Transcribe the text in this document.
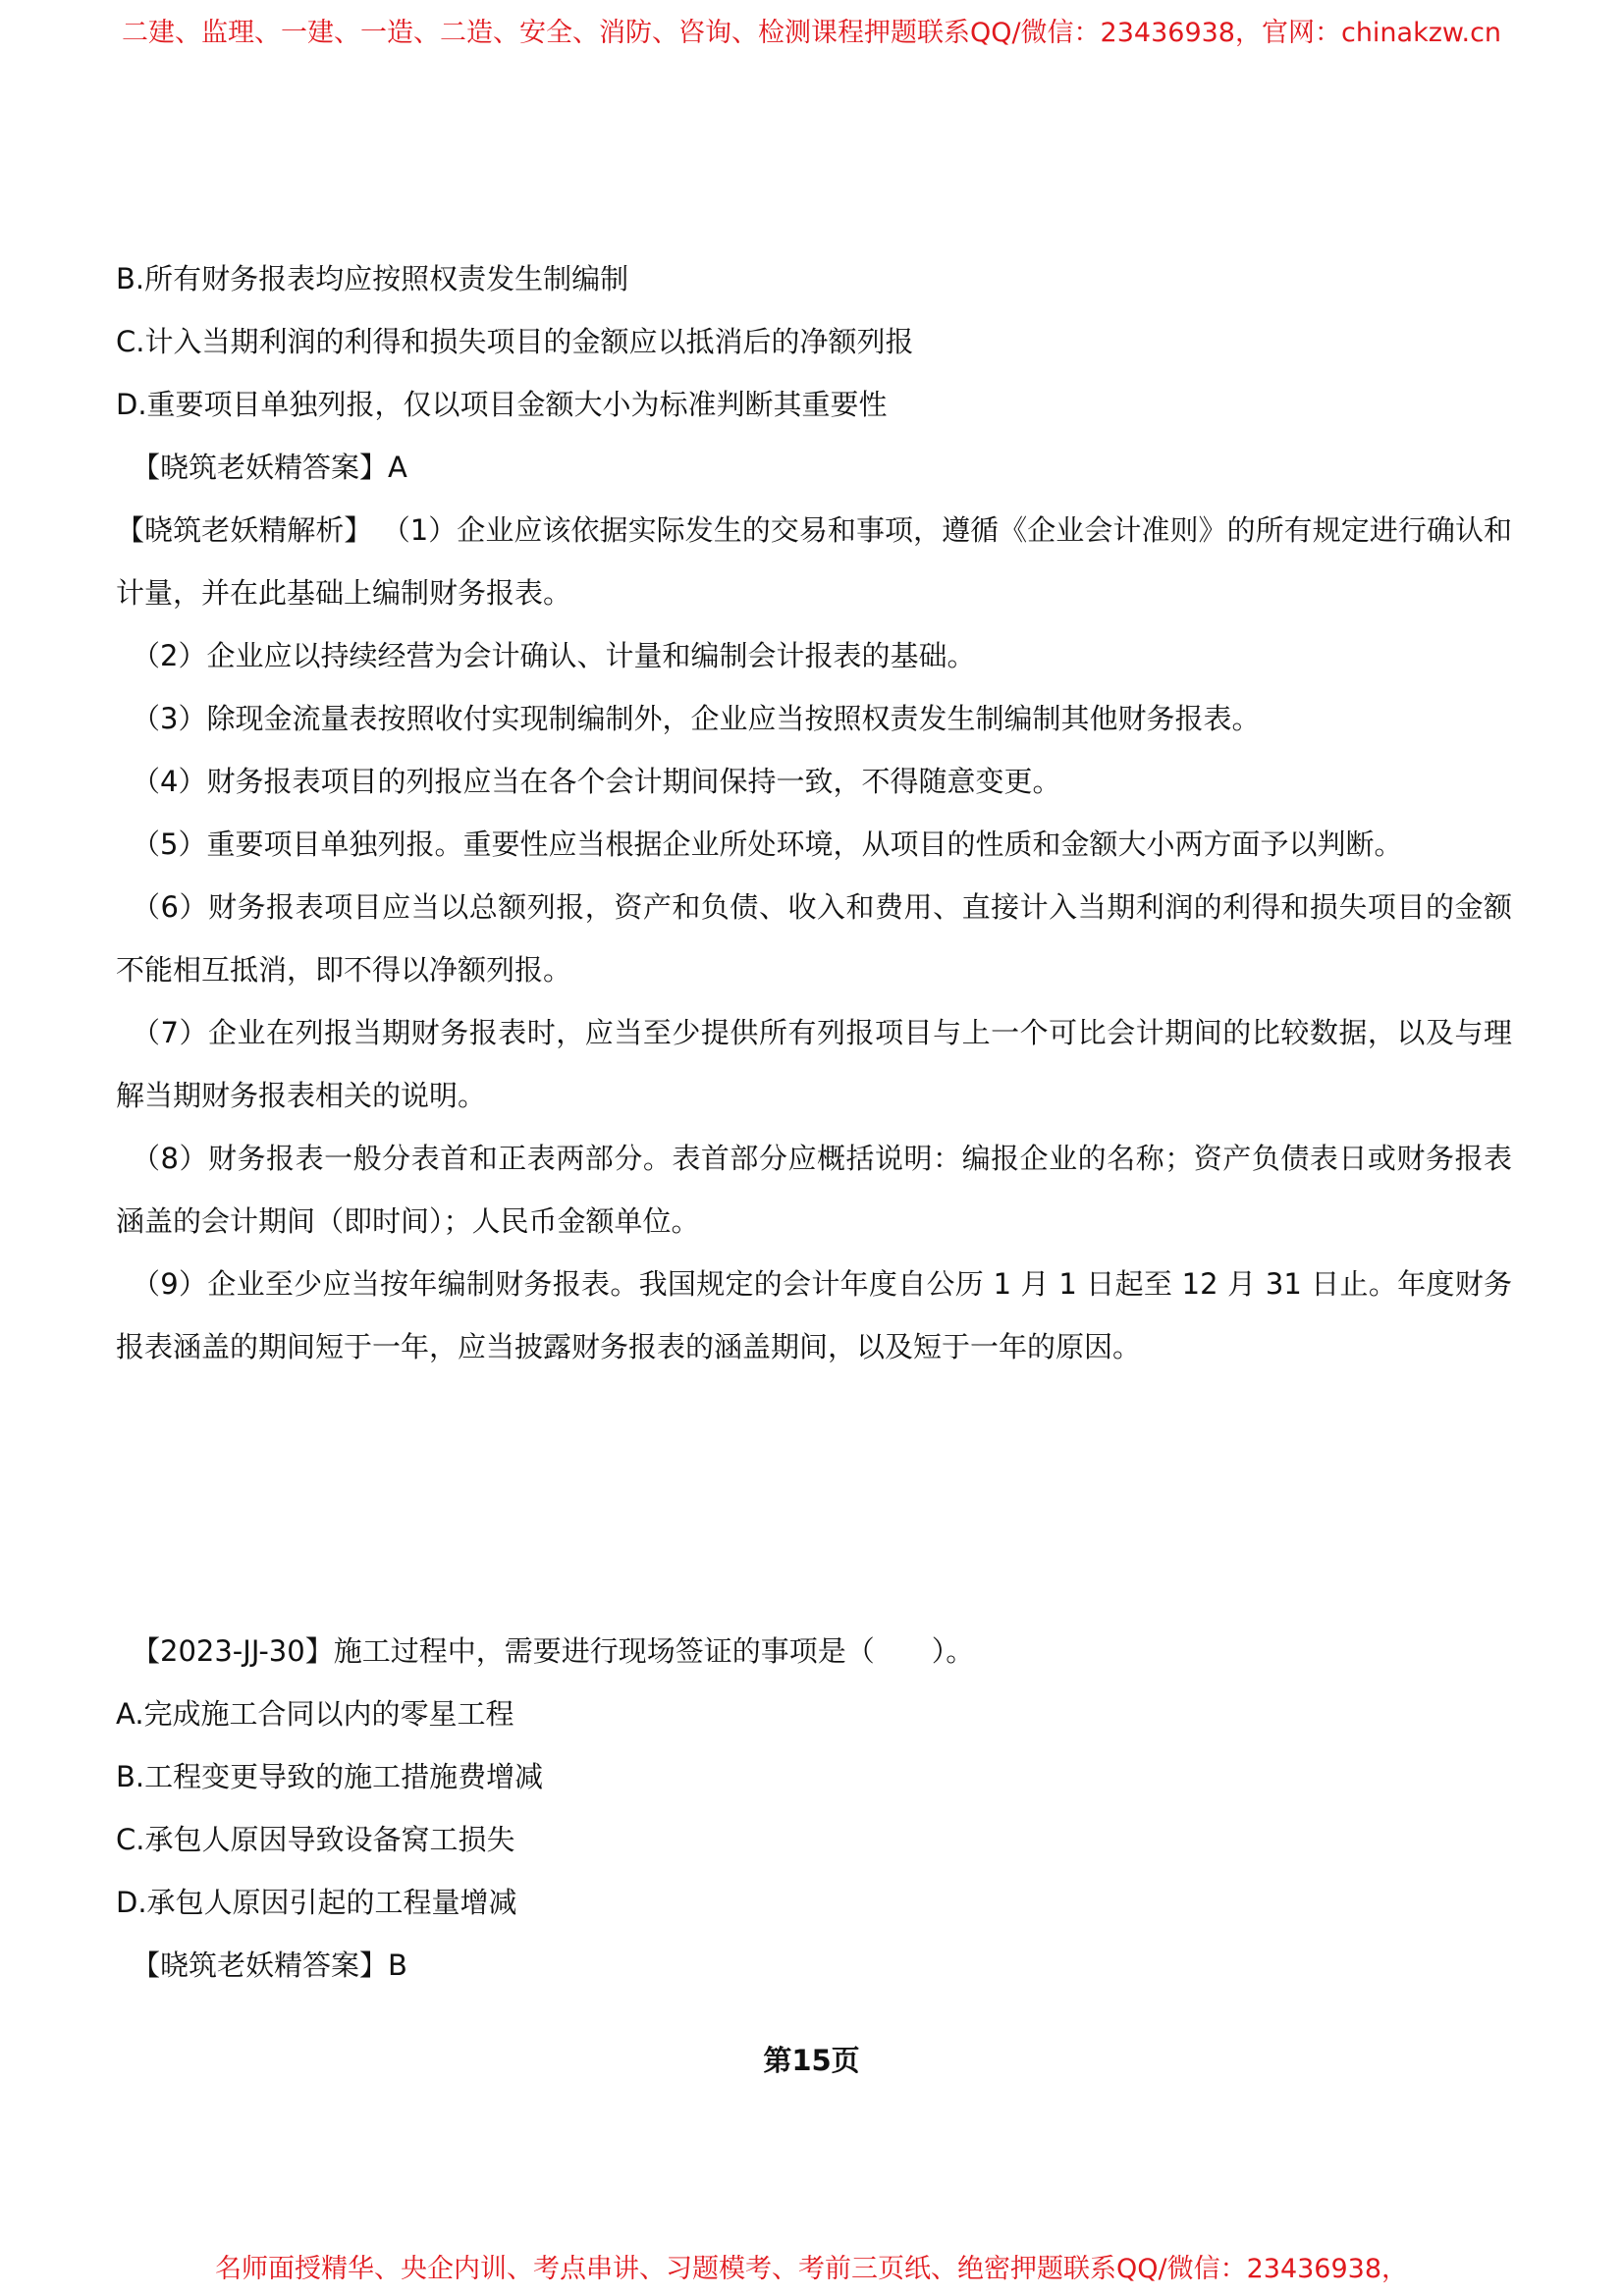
二建、监理、一建、一造、二造、安全、消防、咨询、检测课程押题联系QQ/微信：23436938，官网：chinakzw.cn

B.所有财务报表均应按照权责发生制编制

C.计入当期利润的利得和损失项目的金额应以抵消后的净额列报

D.重要项目单独列报，仅以项目金额大小为标准判断其重要性

【晓筑老妖精答案】A

【晓筑老妖精解析】 （1）企业应该依据实际发生的交易和事项，遵循《企业会计准则》的所有规定进行确认和计量，并在此基础上编制财务报表。

（2）企业应以持续经营为会计确认、计量和编制会计报表的基础。

（3）除现金流量表按照收付实现制编制外，企业应当按照权责发生制编制其他财务报表。

（4）财务报表项目的列报应当在各个会计期间保持一致，不得随意变更。

（5）重要项目单独列报。重要性应当根据企业所处环境，从项目的性质和金额大小两方面予以判断。

（6）财务报表项目应当以总额列报，资产和负债、收入和费用、直接计入当期利润的利得和损失项目的金额不能相互抵消，即不得以净额列报。

（7）企业在列报当期财务报表时，应当至少提供所有列报项目与上一个可比会计期间的比较数据，以及与理解当期财务报表相关的说明。

（8）财务报表一般分表首和正表两部分。表首部分应概括说明：编报企业的名称；资产负债表日或财务报表涵盖的会计期间（即时间）；人民币金额单位。

（9）企业至少应当按年编制财务报表。我国规定的会计年度自公历 1 月 1 日起至 12 月 31 日止。年度财务报表涵盖的期间短于一年，应当披露财务报表的涵盖期间，以及短于一年的原因。

【2023-JJ-30】施工过程中，需要进行现场签证的事项是（　　）。

A.完成施工合同以内的零星工程

B.工程变更导致的施工措施费增减

C.承包人原因导致设备窝工损失

D.承包人原因引起的工程量增减

【晓筑老妖精答案】B

第15页
名师面授精华、央企内训、考点串讲、习题模考、考前三页纸、绝密押题联系QQ/微信：23436938，
